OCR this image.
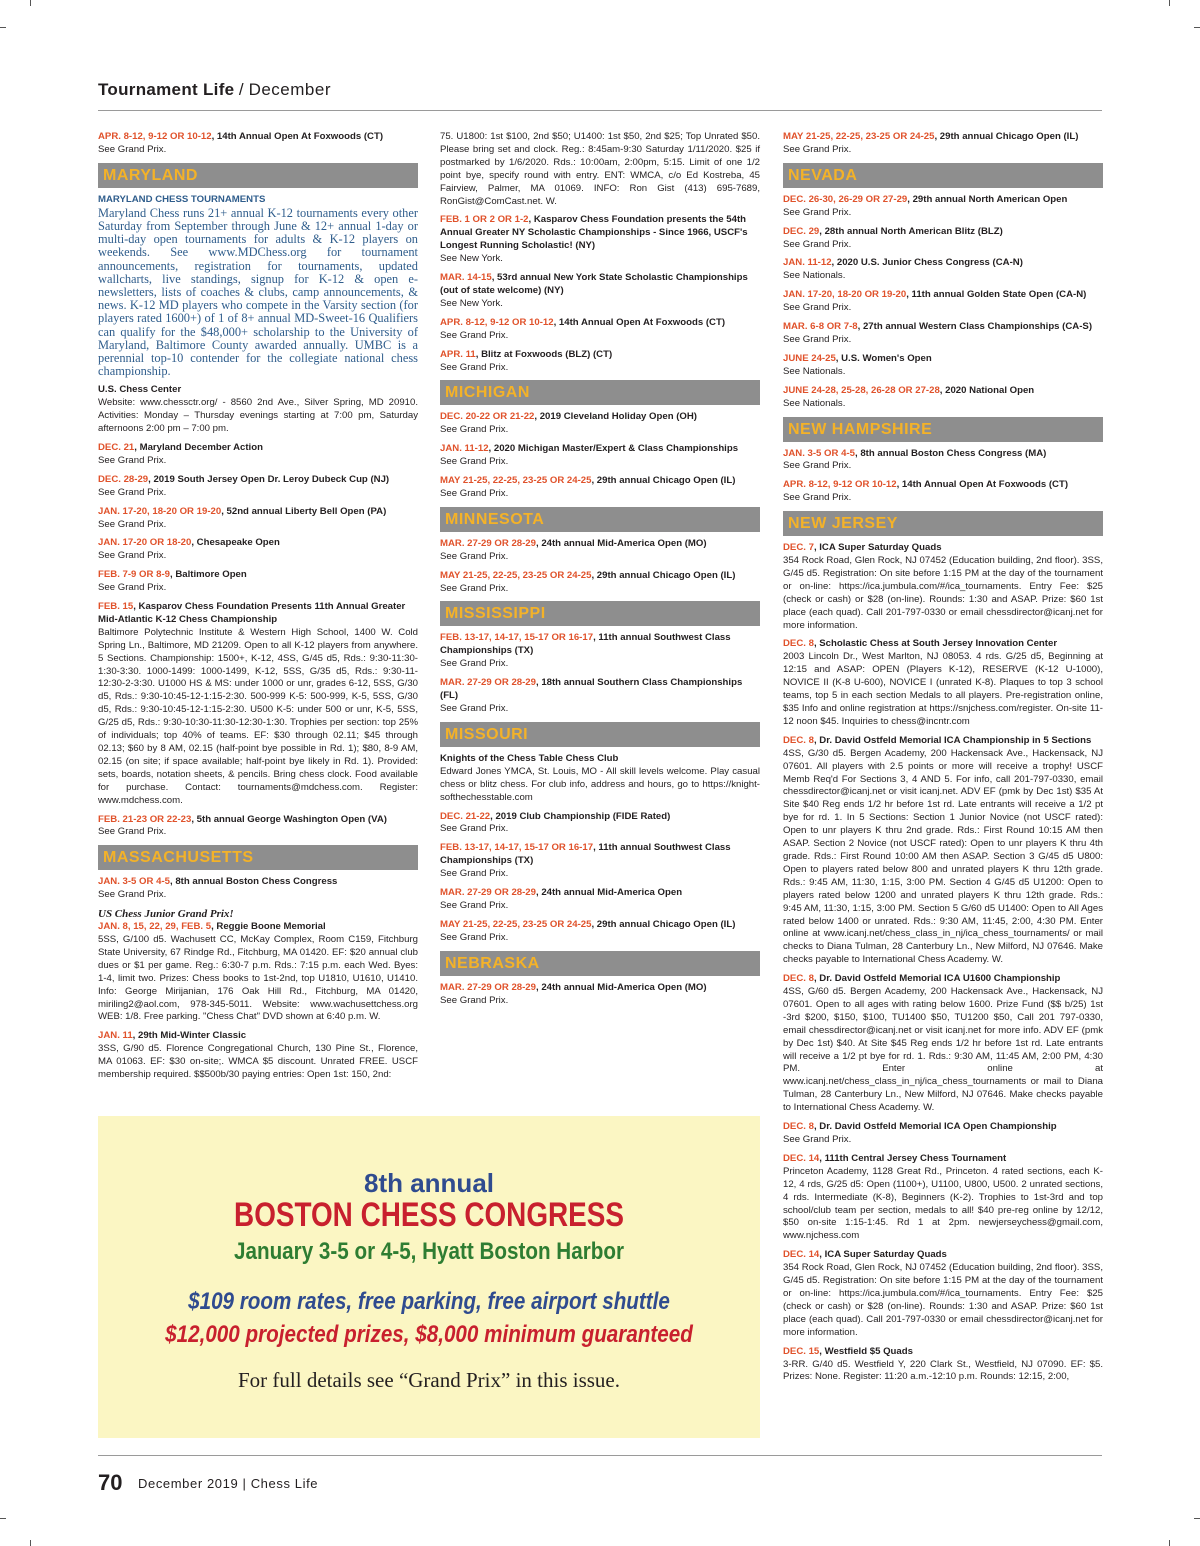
Tournament Life / December
APR. 8-12, 9-12 OR 10-12, 14th Annual Open At Foxwoods (CT)

See Grand Prix.

MARYLAND
MARYLAND CHESS TOURNAMENTS
Maryland Chess runs 21+ annual K-12 tournaments every other Saturday from September through June & 12+ annual 1-day or multi-day open tournaments for adults & K-12 players on weekends. See www.MDChess.org for tournament announcements, registration for tournaments, updated wallcharts, live standings, signup for K-12 & open e-newsletters, lists of coaches & clubs, camp announcements, & news. K-12 MD players who compete in the Varsity section (for players rated 1600+) of 1 of 8+ annual MD-Sweet-16 Qualifiers can qualify for the $48,000+ scholarship to the University of Maryland, Baltimore County awarded annually. UMBC is a perennial top-10 contender for the collegiate national chess championship.
U.S. Chess Center

Website: www.chessctr.org/ - 8560 2nd Ave., Silver Spring, MD 20910. Activities: Monday – Thursday evenings starting at 7:00 pm, Saturday afternoons 2:00 pm – 7:00 pm.

DEC. 21, Maryland December Action

See Grand Prix.

DEC. 28-29, 2019 South Jersey Open Dr. Leroy Dubeck Cup (NJ)

See Grand Prix.

JAN. 17-20, 18-20 OR 19-20, 52nd annual Liberty Bell Open (PA)

See Grand Prix.

JAN. 17-20 OR 18-20, Chesapeake Open

See Grand Prix.

FEB. 7-9 OR 8-9, Baltimore Open

See Grand Prix.

FEB. 15, Kasparov Chess Foundation Presents 11th Annual Greater Mid-Atlantic K-12 Chess Championship

Baltimore Polytechnic Institute & Western High School, 1400 W. Cold Spring Ln., Baltimore, MD 21209. Open to all K-12 players from anywhere. 5 Sections. Championship: 1500+, K-12, 4SS, G/45 d5, Rds.: 9:30-11:30-1:30-3:30. 1000-1499: 1000-1499, K-12, 5SS, G/35 d5, Rds.: 9:30-11-12:30-2-3:30. U1000 HS & MS: under 1000 or unr, grades 6-12, 5SS, G/30 d5, Rds.: 9:30-10:45-12-1:15-2:30. 500-999 K-5: 500-999, K-5, 5SS, G/30 d5, Rds.: 9:30-10:45-12-1:15-2:30. U500 K-5: under 500 or unr, K-5, 5SS, G/25 d5, Rds.: 9:30-10:30-11:30-12:30-1:30. Trophies per section: top 25% of individuals; top 40% of teams. EF: $30 through 02.11; $45 through 02.13; $60 by 8 AM, 02.15 (half-point bye possible in Rd. 1); $80, 8-9 AM, 02.15 (on site; if space available; half-point bye likely in Rd. 1). Provided: sets, boards, notation sheets, & pencils. Bring chess clock. Food available for purchase. Contact: tournaments@mdchess.com. Register: www.mdchess.com.

FEB. 21-23 OR 22-23, 5th annual George Washington Open (VA)

See Grand Prix.

MASSACHUSETTS
JAN. 3-5 OR 4-5, 8th annual Boston Chess Congress

See Grand Prix.

US Chess Junior Grand Prix!
JAN. 8, 15, 22, 29, FEB. 5, Reggie Boone Memorial

5SS, G/100 d5. Wachusett CC, McKay Complex, Room C159, Fitchburg State University, 67 Rindge Rd., Fitchburg, MA 01420. EF: $20 annual club dues or $1 per game. Reg.: 6:30-7 p.m. Rds.: 7:15 p.m. each Wed. Byes: 1-4, limit two. Prizes: Chess books to 1st-2nd, top U1810, U1610, U1410. Info: George Mirijanian, 176 Oak Hill Rd., Fitchburg, MA 01420, miriling2@aol.com, 978-345-5011. Website: www.wachusettchess.org WEB: 1/8. Free parking. "Chess Chat" DVD shown at 6:40 p.m. W.

JAN. 11, 29th Mid-Winter Classic

3SS, G/90 d5. Florence Congregational Church, 130 Pine St., Florence, MA 01063. EF: $30 on-site;. WMCA $5 discount. Unrated FREE. USCF membership required. $$500b/30 paying entries: Open 1st: 150, 2nd:

75. U1800: 1st $100, 2nd $50; U1400: 1st $50, 2nd $25; Top Unrated $50. Please bring set and clock. Reg.: 8:45am-9:30 Saturday 1/11/2020. $25 if postmarked by 1/6/2020. Rds.: 10:00am, 2:00pm, 5:15. Limit of one 1/2 point bye, specify round with entry. ENT: WMCA, c/o Ed Kostreba, 45 Fairview, Palmer, MA 01069. INFO: Ron Gist (413) 695-7689, RonGist@ComCast.net. W.

FEB. 1 OR 2 OR 1-2, Kasparov Chess Foundation presents the 54th Annual Greater NY Scholastic Championships - Since 1966, USCF's Longest Running Scholastic! (NY)

See New York.

MAR. 14-15, 53rd annual New York State Scholastic Championships (out of state welcome) (NY)

See New York.

APR. 8-12, 9-12 OR 10-12, 14th Annual Open At Foxwoods (CT)

See Grand Prix.

APR. 11, Blitz at Foxwoods (BLZ) (CT)

See Grand Prix.

MICHIGAN
DEC. 20-22 OR 21-22, 2019 Cleveland Holiday Open (OH)

See Grand Prix.

JAN. 11-12, 2020 Michigan Master/Expert & Class Championships

See Grand Prix.

MAY 21-25, 22-25, 23-25 OR 24-25, 29th annual Chicago Open (IL)

See Grand Prix.

MINNESOTA
MAR. 27-29 OR 28-29, 24th annual Mid-America Open (MO)

See Grand Prix.

MAY 21-25, 22-25, 23-25 OR 24-25, 29th annual Chicago Open (IL)

See Grand Prix.

MISSISSIPPI
FEB. 13-17, 14-17, 15-17 OR 16-17, 11th annual Southwest Class Championships (TX)

See Grand Prix.

MAR. 27-29 OR 28-29, 18th annual Southern Class Championships (FL)

See Grand Prix.

MISSOURI
Knights of the Chess Table Chess Club

Edward Jones YMCA, St. Louis, MO - All skill levels welcome. Play casual chess or blitz chess. For club info, address and hours, go to https://knight-softhechesstable.com

DEC. 21-22, 2019 Club Championship (FIDE Rated)

See Grand Prix.

FEB. 13-17, 14-17, 15-17 OR 16-17, 11th annual Southwest Class Championships (TX)

See Grand Prix.

MAR. 27-29 OR 28-29, 24th annual Mid-America Open

See Grand Prix.

MAY 21-25, 22-25, 23-25 OR 24-25, 29th annual Chicago Open (IL)

See Grand Prix.

NEBRASKA
MAR. 27-29 OR 28-29, 24th annual Mid-America Open (MO)

See Grand Prix.

MAY 21-25, 22-25, 23-25 OR 24-25, 29th annual Chicago Open (IL)

See Grand Prix.

NEVADA
DEC. 26-30, 26-29 OR 27-29, 29th annual North American Open

See Grand Prix.

DEC. 29, 28th annual North American Blitz (BLZ)

See Grand Prix.

JAN. 11-12, 2020 U.S. Junior Chess Congress (CA-N)

See Nationals.

JAN. 17-20, 18-20 OR 19-20, 11th annual Golden State Open (CA-N)

See Grand Prix.

MAR. 6-8 OR 7-8, 27th annual Western Class Championships (CA-S)

See Grand Prix.

JUNE 24-25, U.S. Women's Open

See Nationals.

JUNE 24-28, 25-28, 26-28 OR 27-28, 2020 National Open

See Nationals.

NEW HAMPSHIRE
JAN. 3-5 OR 4-5, 8th annual Boston Chess Congress (MA)

See Grand Prix.

APR. 8-12, 9-12 OR 10-12, 14th Annual Open At Foxwoods (CT)

See Grand Prix.

NEW JERSEY
DEC. 7, ICA Super Saturday Quads

354 Rock Road, Glen Rock, NJ 07452 (Education building, 2nd floor). 3SS, G/45 d5. Registration: On site before 1:15 PM at the day of the tournament or on-line: https://ica.jumbula.com/#/ica_tournaments. Entry Fee: $25 (check or cash) or $28 (on-line). Rounds: 1:30 and ASAP. Prize: $60 1st place (each quad). Call 201-797-0330 or email chessdirector@icanj.net for more information.

DEC. 8, Scholastic Chess at South Jersey Innovation Center

2003 Lincoln Dr., West Marlton, NJ 08053. 4 rds. G/25 d5, Beginning at 12:15 and ASAP: OPEN (Players K-12), RESERVE (K-12 U-1000), NOVICE II (K-8 U-600), NOVICE I (unrated K-8). Plaques to top 3 school teams, top 5 in each section Medals to all players. Pre-registration online, $35 Info and online registration at https://snjchess.com/register. On-site 11-12 noon $45. Inquiries to chess@incntr.com

DEC. 8, Dr. David Ostfeld Memorial ICA Championship in 5 Sections

4SS, G/30 d5. Bergen Academy, 200 Hackensack Ave., Hackensack, NJ 07601. All players with 2.5 points or more will receive a trophy! USCF Memb Req'd For Sections 3, 4 AND 5. For info, call 201-797-0330, email chessdirector@icanj.net or visit icanj.net. ADV EF (pmk by Dec 1st) $35 At Site $40 Reg ends 1/2 hr before 1st rd. Late entrants will receive a 1/2 pt bye for rd. 1. In 5 Sections: Section 1 Junior Novice (not USCF rated): Open to unr players K thru 2nd grade. Rds.: First Round 10:15 AM then ASAP. Section 2 Novice (not USCF rated): Open to unr players K thru 4th grade. Rds.: First Round 10:00 AM then ASAP. Section 3 G/45 d5 U800: Open to players rated below 800 and unrated players K thru 12th grade. Rds.: 9:45 AM, 11:30, 1:15, 3:00 PM. Section 4 G/45 d5 U1200: Open to players rated below 1200 and unrated players K thru 12th grade. Rds.: 9:45 AM, 11:30, 1:15, 3:00 PM. Section 5 G/60 d5 U1400: Open to All Ages rated below 1400 or unrated. Rds.: 9:30 AM, 11:45, 2:00, 4:30 PM. Enter online at www.icanj.net/chess_class_in_nj/ica_chess_tournaments/ or mail checks to Diana Tulman, 28 Canterbury Ln., New Milford, NJ 07646. Make checks payable to International Chess Academy. W.

DEC. 8, Dr. David Ostfeld Memorial ICA U1600 Championship

4SS, G/60 d5. Bergen Academy, 200 Hackensack Ave., Hackensack, NJ 07601. Open to all ages with rating below 1600. Prize Fund ($$ b/25) 1st -3rd $200, $150, $100, TU1400 $50, TU1200 $50, Call 201 797-0330, email chessdirector@icanj.net or visit icanj.net for more info. ADV EF (pmk by Dec 1st) $40. At Site $45 Reg ends 1/2 hr before 1st rd. Late entrants will receive a 1/2 pt bye for rd. 1. Rds.: 9:30 AM, 11:45 AM, 2:00 PM, 4:30 PM. Enter online at www.icanj.net/chess_class_in_nj/ica_chess_tournaments or mail to Diana Tulman, 28 Canterbury Ln., New Milford, NJ 07646. Make checks payable to International Chess Academy. W.

DEC. 8, Dr. David Ostfeld Memorial ICA Open Championship

See Grand Prix.

DEC. 14, 111th Central Jersey Chess Tournament

Princeton Academy, 1128 Great Rd., Princeton. 4 rated sections, each K-12, 4 rds, G/25 d5: Open (1100+), U1100, U800, U500. 2 unrated sections, 4 rds. Intermediate (K-8), Beginners (K-2). Trophies to 1st-3rd and top school/club team per section, medals to all! $40 pre-reg online by 12/12, $50 on-site 1:15-1:45. Rd 1 at 2pm. newjerseychess@gmail.com, www.njchess.com

DEC. 14, ICA Super Saturday Quads

354 Rock Road, Glen Rock, NJ 07452 (Education building, 2nd floor). 3SS, G/45 d5. Registration: On site before 1:15 PM at the day of the tournament or on-line: https://ica.jumbula.com/#/ica_tournaments. Entry Fee: $25 (check or cash) or $28 (on-line). Rounds: 1:30 and ASAP. Prize: $60 1st place (each quad). Call 201-797-0330 or email chessdirector@icanj.net for more information.

DEC. 15, Westfield $5 Quads

3-RR. G/40 d5. Westfield Y, 220 Clark St., Westfield, NJ 07090. EF: $5. Prizes: None. Register: 11:20 a.m.-12:10 p.m. Rounds: 12:15, 2:00,

8th annual
BOSTON CHESS CONGRESS
January 3-5 or 4-5, Hyatt Boston Harbor
$109 room rates, free parking, free airport shuttle
$12,000 projected prizes, $8,000 minimum guaranteed
For full details see “Grand Prix” in this issue.
70 December 2019 | Chess Life
